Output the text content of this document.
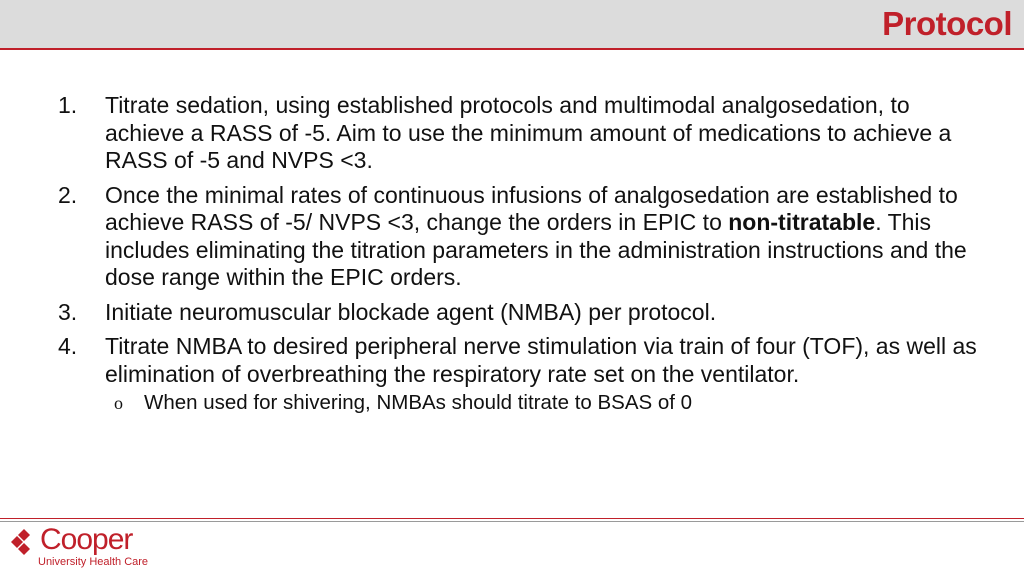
Protocol
1.	Titrate sedation, using established protocols and multimodal analgosedation, to achieve a RASS of -5. Aim to use the minimum amount of medications to achieve a RASS of -5 and NVPS <3.
2.	Once the minimal rates of continuous infusions of analgosedation are established to achieve RASS of -5/ NVPS <3, change the orders in EPIC to non-titratable. This includes eliminating the titration parameters in the administration instructions and the dose range within the EPIC orders.
3.	Initiate neuromuscular blockade agent (NMBA) per protocol.
4.	Titrate NMBA to desired peripheral nerve stimulation via train of four (TOF), as well as elimination of overbreathing the respiratory rate set on the ventilator.
o	When used for shivering, NMBAs should titrate to BSAS of 0
Cooper
University Health Care
